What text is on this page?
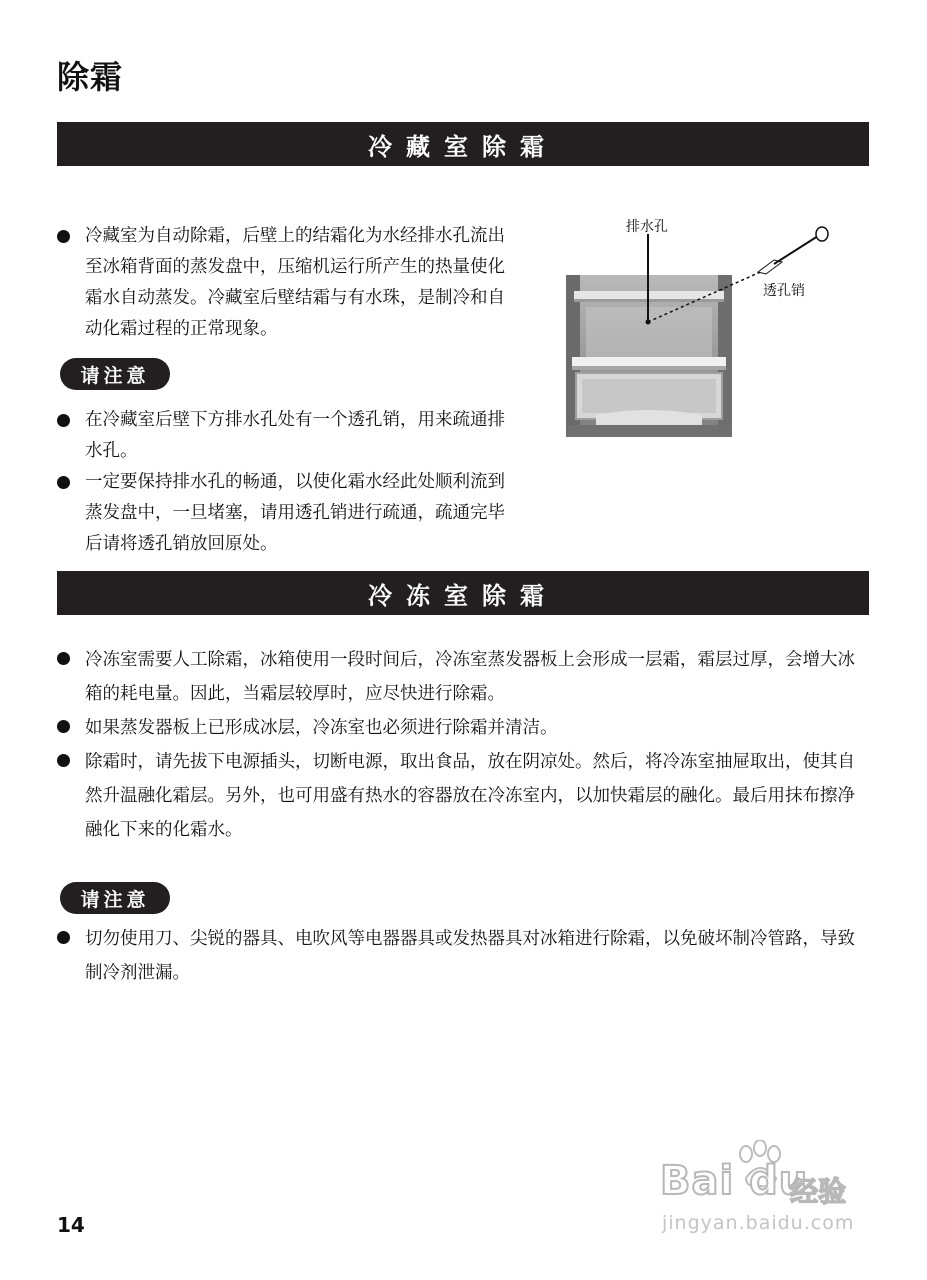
除霜
冷藏室除霜
冷藏室为自动除霜，后壁上的结霜化为水经排水孔流出至冰箱背面的蒸发盘中，压缩机运行所产生的热量使化霜水自动蒸发。冷藏室后壁结霜与有水珠，是制冷和自动化霜过程的正常现象。
请注意
在冷藏室后壁下方排水孔处有一个透孔销，用来疏通排水孔。
一定要保持排水孔的畅通，以使化霜水经此处顺利流到蒸发盘中，一旦堵塞，请用透孔销进行疏通，疏通完毕后请将透孔销放回原处。
排水孔
透孔销
冷冻室除霜
冷冻室需要人工除霜，冰箱使用一段时间后，冷冻室蒸发器板上会形成一层霜，霜层过厚，会增大冰箱的耗电量。因此，当霜层较厚时，应尽快进行除霜。
如果蒸发器板上已形成冰层，冷冻室也必须进行除霜并清洁。
除霜时，请先拔下电源插头，切断电源，取出食品，放在阴凉处。然后，将冷冻室抽屉取出，使其自然升温融化霜层。另外，也可用盛有热水的容器放在冷冻室内，以加快霜层的融化。最后用抹布擦净融化下来的化霜水。
请注意
切勿使用刀、尖锐的器具、电吹风等电器器具或发热器具对冰箱进行除霜，以免破坏制冷管路，导致制冷剂泄漏。
14
Bai du
经验
jingyan.baidu.com
